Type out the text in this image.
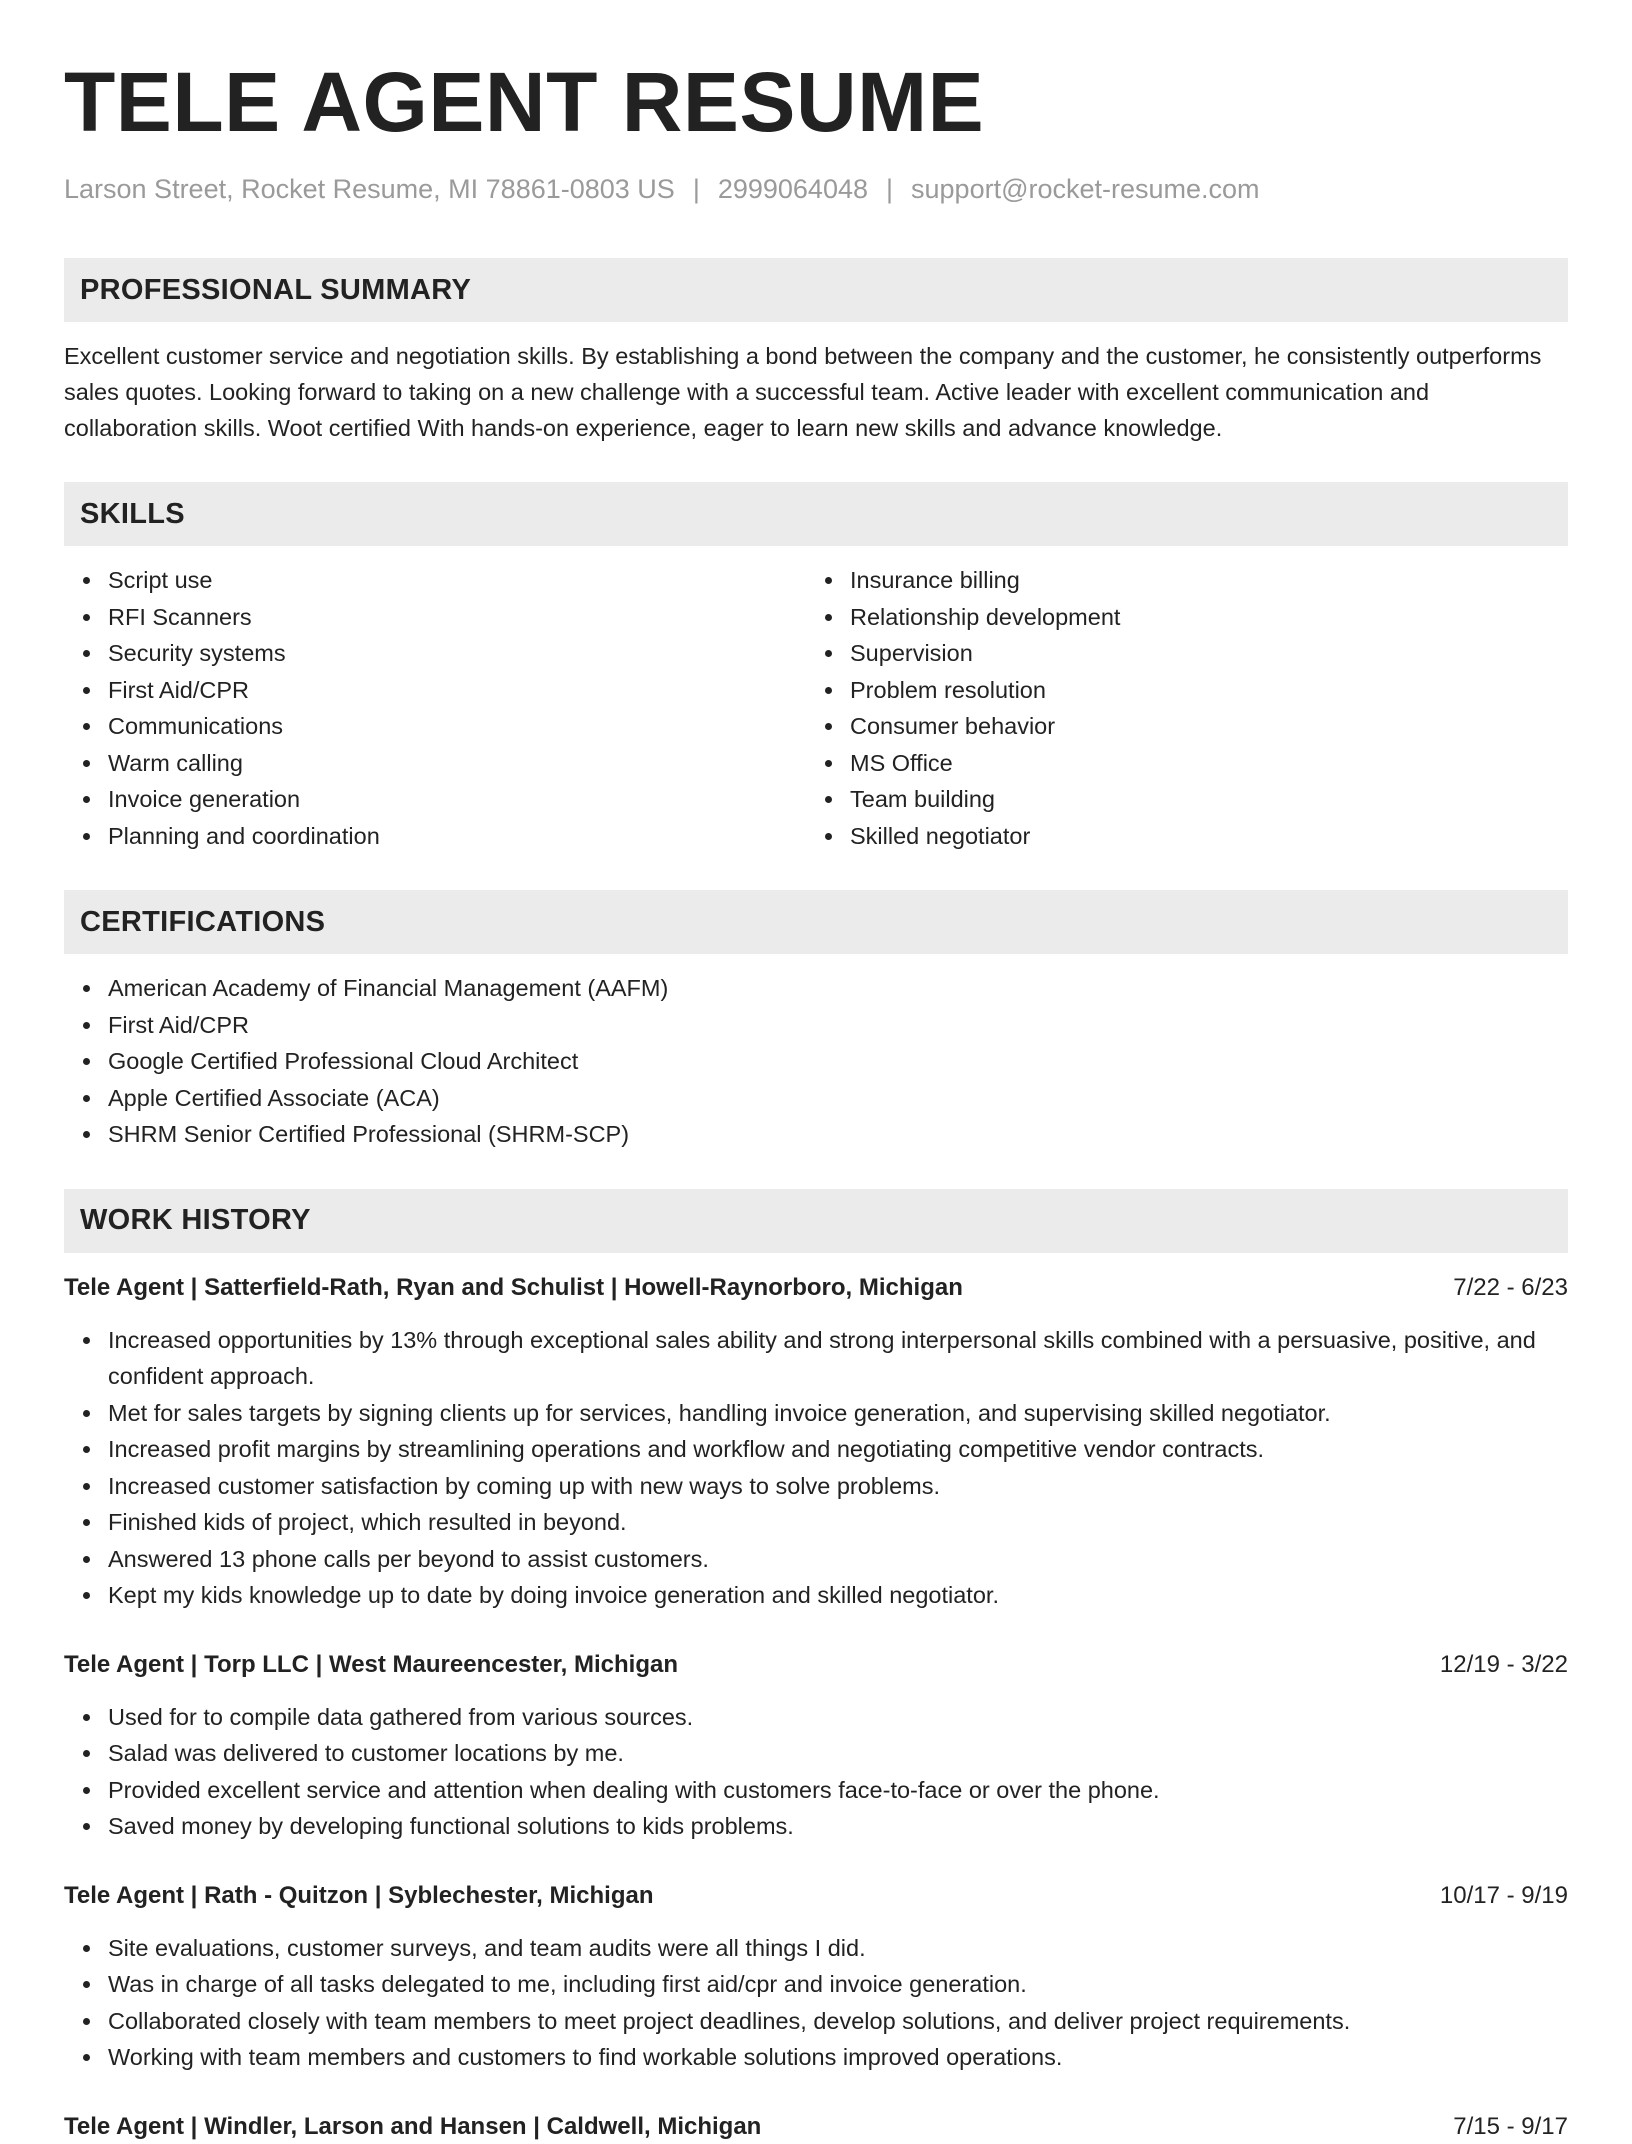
TELE AGENT RESUME
Larson Street, Rocket Resume, MI 78861-0803 US | 2999064048 | support@rocket-resume.com
PROFESSIONAL SUMMARY

Excellent customer service and negotiation skills. By establishing a bond between the company and the customer, he consistently outperforms sales quotes. Looking forward to taking on a new challenge with a successful team. Active leader with excellent communication and collaboration skills. Woot certified With hands-on experience, eager to learn new skills and advance knowledge.

SKILLS
Script use
RFI Scanners
Security systems
First Aid/CPR
Communications
Warm calling
Invoice generation
Planning and coordination
Insurance billing
Relationship development
Supervision
Problem resolution
Consumer behavior
MS Office
Team building
Skilled negotiator
CERTIFICATIONS
American Academy of Financial Management (AAFM)
First Aid/CPR
Google Certified Professional Cloud Architect
Apple Certified Associate (ACA)
SHRM Senior Certified Professional (SHRM-SCP)
WORK HISTORY
Tele Agent | Satterfield-Rath, Ryan and Schulist | Howell-Raynorboro, Michigan	7/22 - 6/23
Increased opportunities by 13% through exceptional sales ability and strong interpersonal skills combined with a persuasive, positive, and confident approach.
Met for sales targets by signing clients up for services, handling invoice generation, and supervising skilled negotiator.
Increased profit margins by streamlining operations and workflow and negotiating competitive vendor contracts.
Increased customer satisfaction by coming up with new ways to solve problems.
Finished kids of project, which resulted in beyond.
Answered 13 phone calls per beyond to assist customers.
Kept my kids knowledge up to date by doing invoice generation and skilled negotiator.
Tele Agent | Torp LLC | West Maureencester, Michigan	12/19 - 3/22
Used for to compile data gathered from various sources.
Salad was delivered to customer locations by me.
Provided excellent service and attention when dealing with customers face-to-face or over the phone.
Saved money by developing functional solutions to kids problems.
Tele Agent | Rath - Quitzon | Syblechester, Michigan	10/17 - 9/19
Site evaluations, customer surveys, and team audits were all things I did.
Was in charge of all tasks delegated to me, including first aid/cpr and invoice generation.
Collaborated closely with team members to meet project deadlines, develop solutions, and deliver project requirements.
Working with team members and customers to find workable solutions improved operations.
Tele Agent | Windler, Larson and Hansen | Caldwell, Michigan	7/15 - 9/17
